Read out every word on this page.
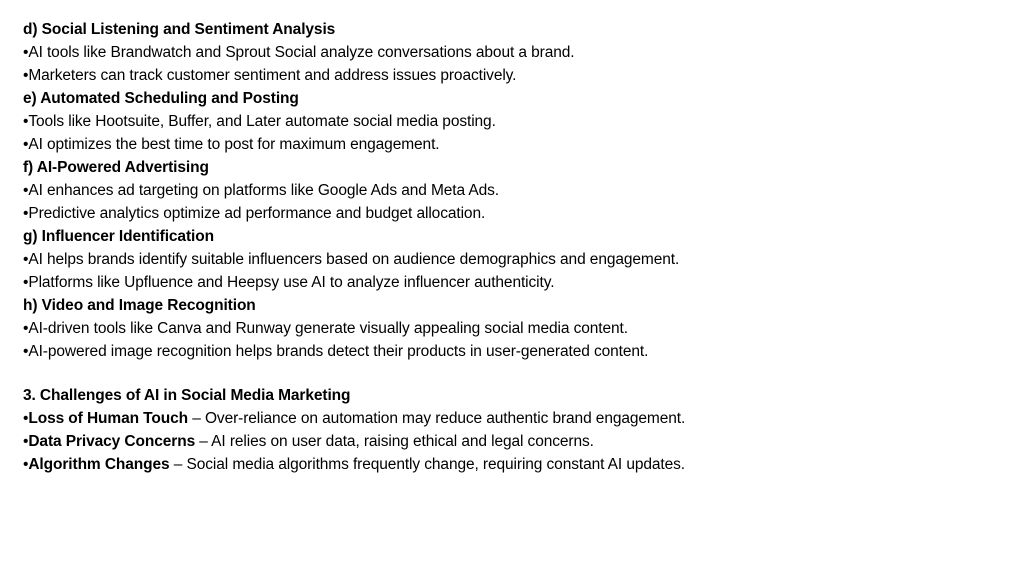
d) Social Listening and Sentiment Analysis
•AI tools like Brandwatch and Sprout Social analyze conversations about a brand.
•Marketers can track customer sentiment and address issues proactively.
e) Automated Scheduling and Posting
•Tools like Hootsuite, Buffer, and Later automate social media posting.
•AI optimizes the best time to post for maximum engagement.
f) AI-Powered Advertising
•AI enhances ad targeting on platforms like Google Ads and Meta Ads.
•Predictive analytics optimize ad performance and budget allocation.
g) Influencer Identification
•AI helps brands identify suitable influencers based on audience demographics and engagement.
•Platforms like Upfluence and Heepsy use AI to analyze influencer authenticity.
h) Video and Image Recognition
•AI-driven tools like Canva and Runway generate visually appealing social media content.
•AI-powered image recognition helps brands detect their products in user-generated content.
3. Challenges of AI in Social Media Marketing
•Loss of Human Touch – Over-reliance on automation may reduce authentic brand engagement.
•Data Privacy Concerns – AI relies on user data, raising ethical and legal concerns.
•Algorithm Changes – Social media algorithms frequently change, requiring constant AI updates.
